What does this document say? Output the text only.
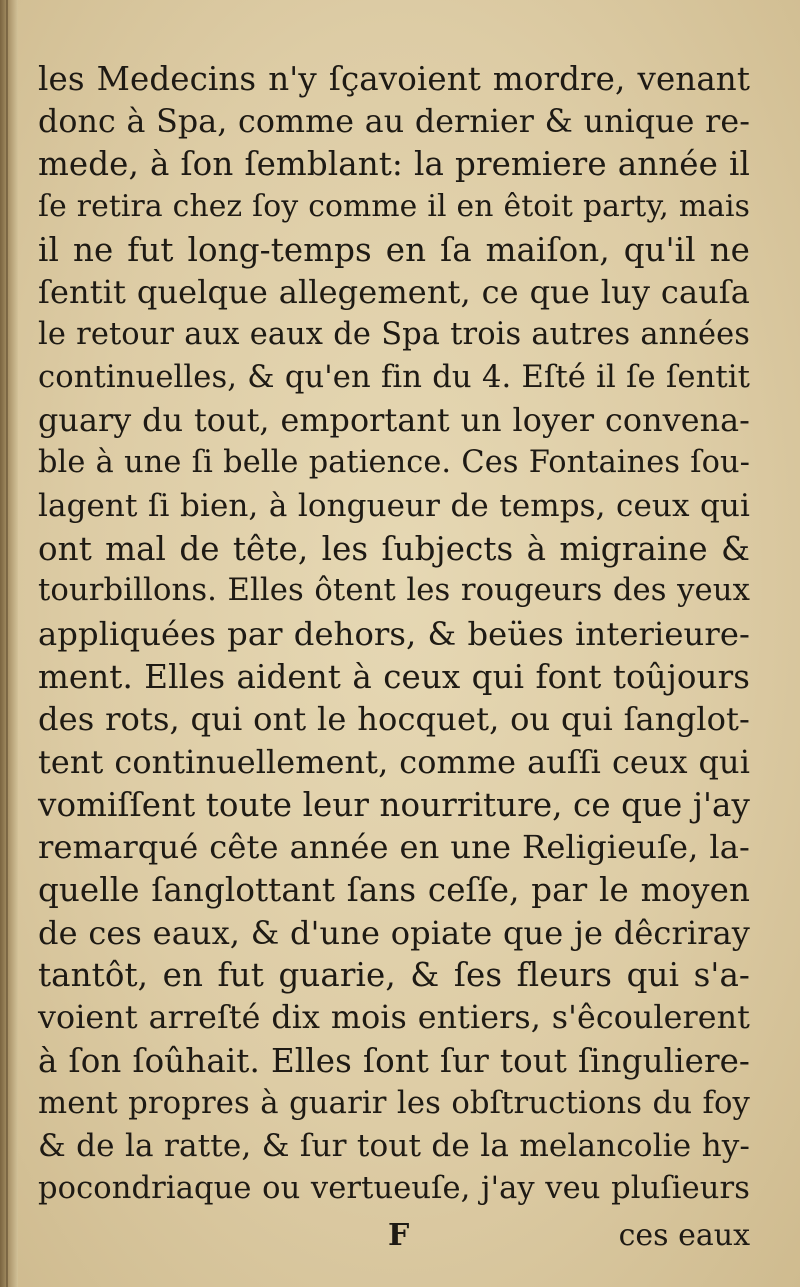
les Medecins n'y ſçavoient mordre, venant
donc à Spa, comme au dernier & unique re-
mede, à ſon ſemblant: la premiere année il
ſe retira chez ſoy comme il en êtoit party, mais
il ne fut long-temps en ſa maiſon, qu'il ne
ſentit quelque allegement, ce que luy cauſa
le retour aux eaux de Spa trois autres années
continuelles, & qu'en fin du 4. Eſté il ſe ſentit
guary du tout, emportant un loyer convena-
ble à une ſi belle patience. Ces Fontaines ſou-
lagent ſi bien, à longueur de temps, ceux qui
ont mal de tête, les ſubjects à migraine &
tourbillons. Elles ôtent les rougeurs des yeux
appliquées par dehors, & beües interieure-
ment. Elles aident à ceux qui font toûjours
des rots, qui ont le hocquet, ou qui ſanglot-
tent continuellement, comme auſſi ceux qui
vomiſſent toute leur nourriture, ce que j'ay
remarqué cête année en une Religieuſe, la-
quelle ſanglottant ſans ceſſe, par le moyen
de ces eaux, & d'une opiate que je dêcriray
tantôt, en fut guarie, & ſes fleurs qui s'a-
voient arreſté dix mois entiers, s'êcoulerent
à ſon ſoûhait. Elles ſont ſur tout ſinguliere-
ment propres à guarir les obſtructions du foy
& de la ratte, & ſur tout de la melancolie hy-
pocondriaque ou vertueuſe, j'ay veu pluſieurs
F	ces eaux
